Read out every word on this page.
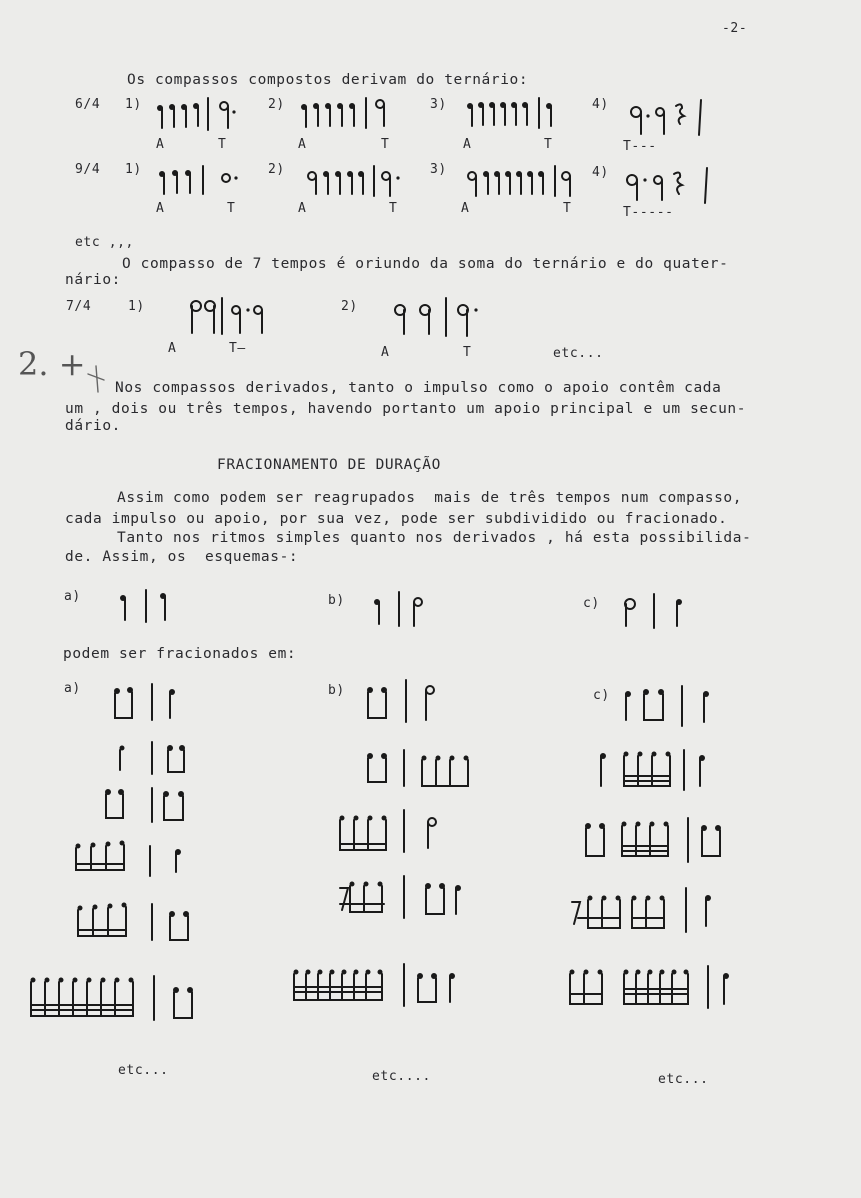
-2-
Os compassos compostos derivam do ternário:
6/4 1)	2)	3)	4)
A	T	A	T	A	T	T---
9/4 1)	2)	3)	4)
A	T	A	T	A	T	T-----
etc ,,,
O compasso de 7 tempos é oriundo da soma do ternário e do quater-
nário:
7/4	1)	2)
A	T—	A	T	etc...
2. +
Nos compassos derivados, tanto o impulso como o apoio contêm cada
um , dois ou três tempos, havendo portanto um apoio principal e um secun-
dário.
FRACIONAMENTO DE DURAÇÃO
Assim como podem ser reagrupados  mais de três tempos num compasso,
cada impulso ou apoio, por sua vez, pode ser subdividido ou fracionado.
Tanto nos ritmos simples quanto nos derivados , há esta possibilida-
de. Assim, os  esquemas-:
a)	b)	c)
podem ser fracionados em:
a)	b)	c)
etc...	etc....	etc...
